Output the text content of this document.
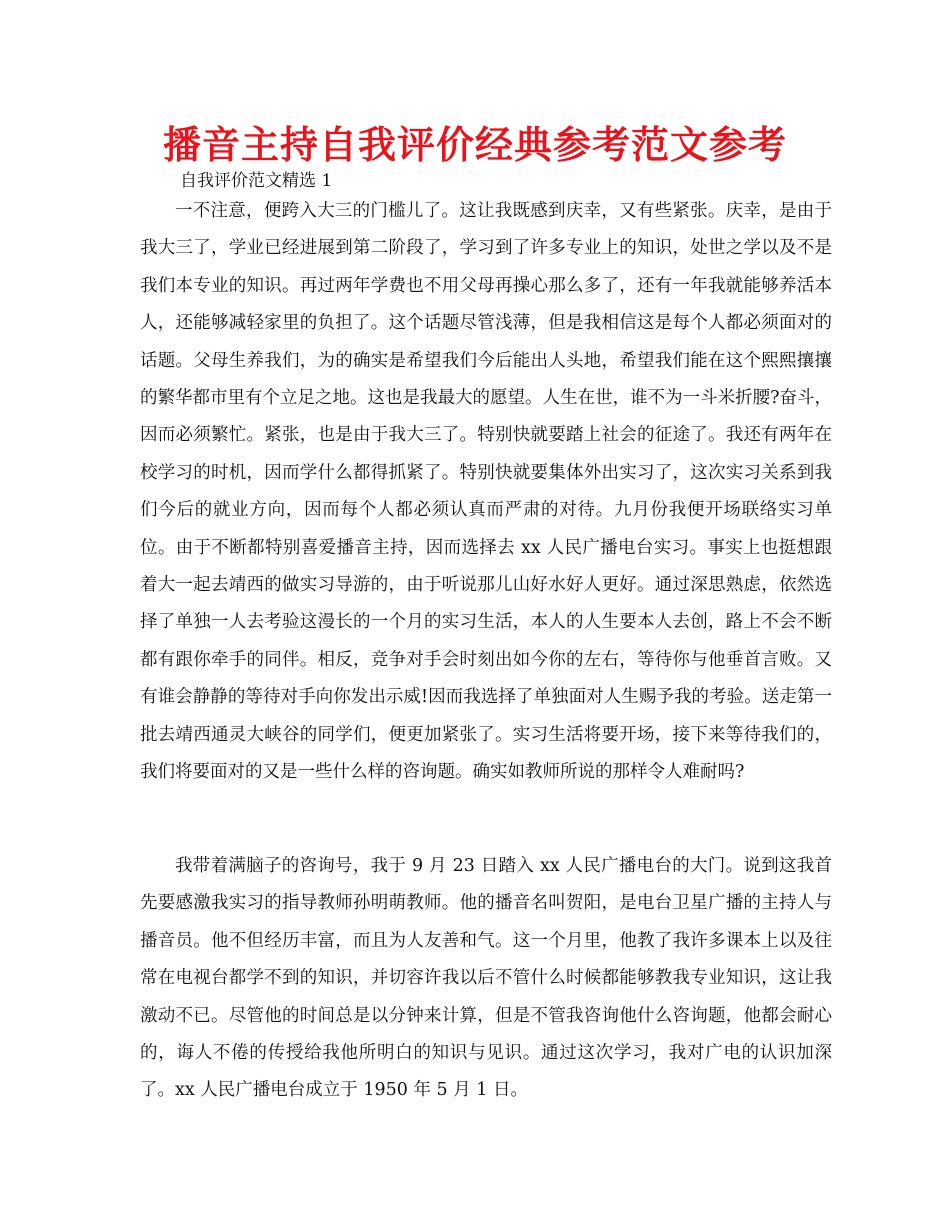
播音主持自我评价经典参考范文参考
自我评价范文精选 1

一不注意，便跨入大三的门槛儿了。这让我既感到庆幸，又有些紧张。庆幸，是由于我大三了，学业已经进展到第二阶段了，学习到了许多专业上的知识，处世之学以及不是我们本专业的知识。再过两年学费也不用父母再操心那么多了，还有一年我就能够养活本人，还能够减轻家里的负担了。这个话题尽管浅薄，但是我相信这是每个人都必须面对的话题。父母生养我们，为的确实是希望我们今后能出人头地，希望我们能在这个熙熙攘攘的繁华都市里有个立足之地。这也是我最大的愿望。人生在世，谁不为一斗米折腰?奋斗，因而必须繁忙。紧张，也是由于我大三了。特别快就要踏上社会的征途了。我还有两年在校学习的时机，因而学什么都得抓紧了。特别快就要集体外出实习了，这次实习关系到我们今后的就业方向，因而每个人都必须认真而严肃的对待。九月份我便开场联络实习单位。由于不断都特别喜爱播音主持，因而选择去 xx 人民广播电台实习。事实上也挺想跟着大一起去靖西的做实习导游的，由于听说那儿山好水好人更好。通过深思熟虑，依然选择了单独一人去考验这漫长的一个月的实习生活，本人的人生要本人去创，路上不会不断都有跟你牵手的同伴。相反，竞争对手会时刻出如今你的左右，等待你与他垂首言败。又有谁会静静的等待对手向你发出示威!因而我选择了单独面对人生赐予我的考验。送走第一批去靖西通灵大峡谷的同学们，便更加紧张了。实习生活将要开场，接下来等待我们的，我们将要面对的又是一些什么样的咨询题。确实如教师所说的那样令人难耐吗?

我带着满脑子的咨询号，我于 9 月 23 日踏入 xx 人民广播电台的大门。说到这我首先要感激我实习的指导教师孙明萌教师。他的播音名叫贺阳，是电台卫星广播的主持人与播音员。他不但经历丰富，而且为人友善和气。这一个月里，他教了我许多课本上以及往常在电视台都学不到的知识，并切容许我以后不管什么时候都能够教我专业知识，这让我激动不已。尽管他的时间总是以分钟来计算，但是不管我咨询他什么咨询题，他都会耐心的，诲人不倦的传授给我他所明白的知识与见识。通过这次学习，我对广电的认识加深了。xx 人民广播电台成立于 1950 年 5 月 1 日。
